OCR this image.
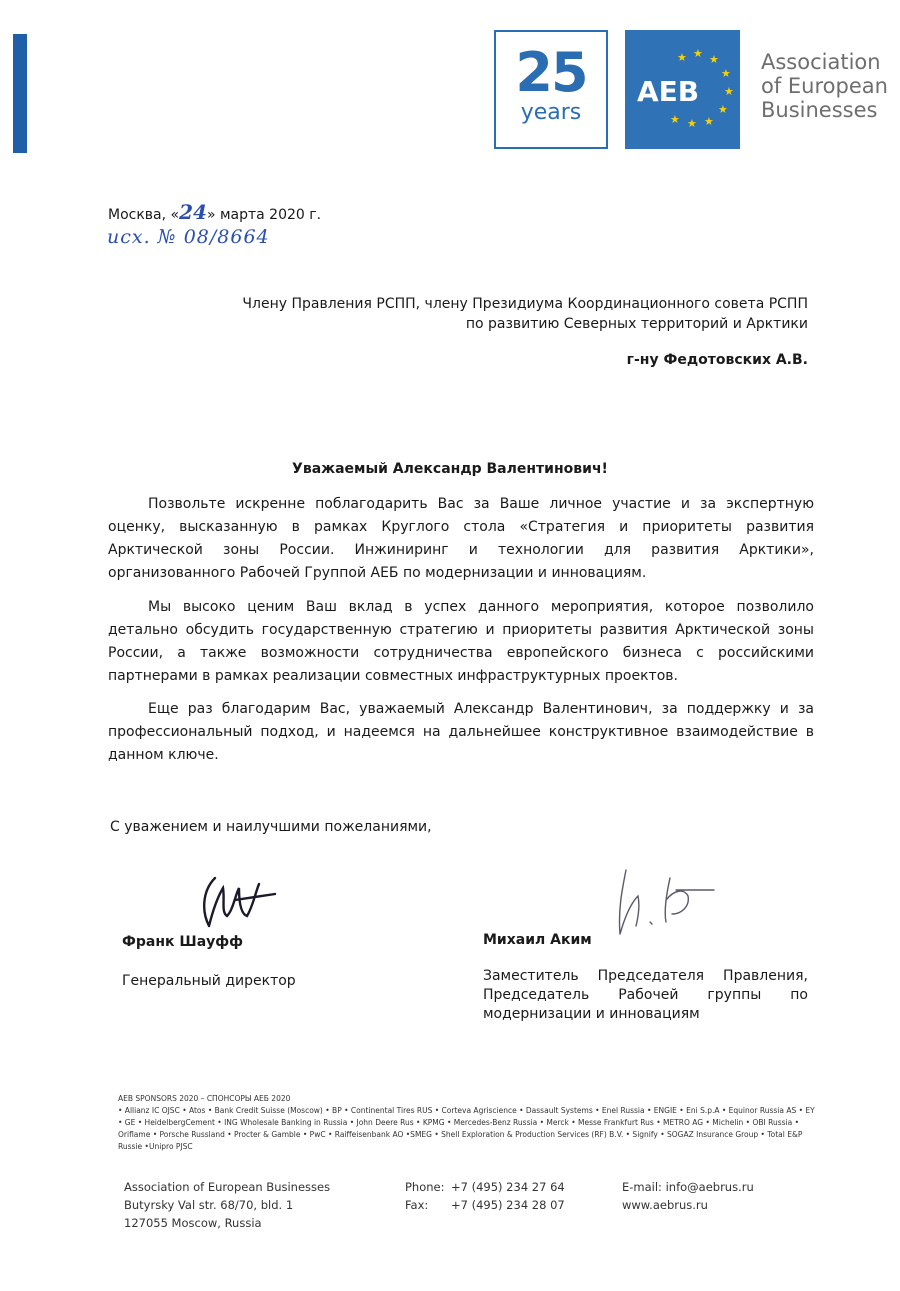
25
years
★ ★ ★
★
★
★
★
★
★
AEB
Association
of European
Businesses
Москва, «24» марта 2020 г.
исх. № 08/8664
Члену Правления РСПП, члену Президиума Координационного совета РСПП
по развитию Северных территорий и Арктики
г-ну Федотовских А.В.
Уважаемый Александр Валентинович!
Позвольте искренне поблагодарить Вас за Ваше личное участие и за экспертную оценку, высказанную в рамках Круглого стола «Стратегия и приоритеты развития Арктической зоны России. Инжиниринг и технологии для развития Арктики», организованного Рабочей Группой АЕБ по модернизации и инновациям.
Мы высоко ценим Ваш вклад в успех данного мероприятия, которое позволило детально обсудить государственную стратегию и приоритеты развития Арктической зоны России, а также возможности сотрудничества европейского бизнеса с российскими партнерами в рамках реализации совместных инфраструктурных проектов.
Еще раз благодарим Вас, уважаемый Александр Валентинович, за поддержку и за профессиональный подход, и надеемся на дальнейшее конструктивное взаимодействие в данном ключе.
С уважением и наилучшими пожеланиями,
Франк Шауфф
Генеральный директор
Михаил Аким
Заместитель Председателя Правления, Председатель Рабочей группы по модернизации и инновациям
AEB SPONSORS 2020 – СПОНСОРЫ АЕБ 2020
• Allianz IC OJSC • Atos • Bank Credit Suisse (Moscow) • BP • Continental Tires RUS • Corteva Agriscience • Dassault Systems • Enel Russia • ENGIE • Eni S.p.A • Equinor Russia AS • EY • GE • HeidelbergCement • ING Wholesale Banking in Russia • John Deere Rus • KPMG • Mercedes-Benz Russia • Merck • Messe Frankfurt Rus • METRO AG • Michelin • OBI Russia • Oriflame • Porsche Russland • Procter & Gamble • PwC • Raiffeisenbank AO •SMEG • Shell Exploration & Production Services (RF) B.V. • Signify • SOGAZ Insurance Group • Total E&P Russie •Unipro PJSC
Association of European Businesses
Butyrsky Val str. 68/70, bld. 1
127055 Moscow, Russia
Phone: +7 (495) 234 27 64
Fax: +7 (495) 234 28 07
E-mail: info@aebrus.ru
www.aebrus.ru
